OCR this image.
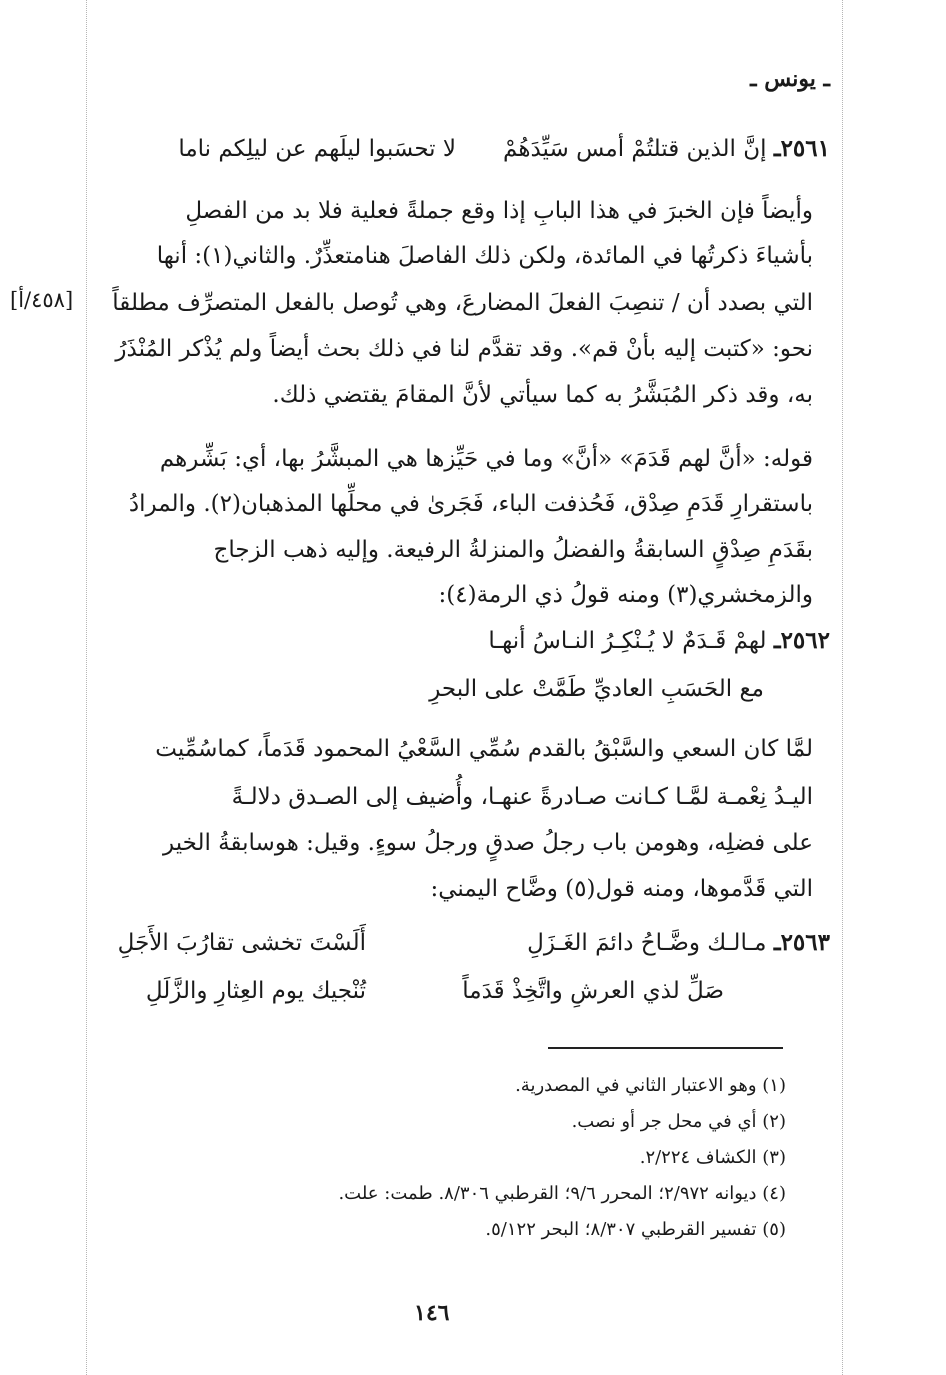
ـ يونس ـ
٢٥٦١ـ إنَّ الذين قتلتُمْ أمس سَيِّدَهُمْ
لا تحسَبوا ليلَهم عن ليلِكم ناما
وأيضاً فإن الخبرَ في هذا البابِ إذا وقع جملةً فعلية فلا بد من الفصلِ
بأشياءَ ذكرتُها في المائدة، ولكن ذلك الفاصلَ هنامتعذِّرٌ. والثاني(١): أنها
[٤٥٨/أ] التي بصدد أن / تنصِبَ الفعلَ المضارعَ، وهي تُوصل بالفعل المتصرِّف مطلقاً
نحو: «كتبت إليه بأنْ قم». وقد تقدَّم لنا في ذلك بحث أيضاً ولم يُذْكر المُنْذَرُ
به، وقد ذكر المُبَشَّرُ به كما سيأتي لأنَّ المقامَ يقتضي ذلك.
قوله: «أنَّ لهم قَدَمَ» «أنَّ» وما في حَيِّزها هي المبشَّرُ بها، أي: بَشِّرهم
باستقرارِ قَدَمِ صِدْق، فَحُذفت الباء، فَجَرىٰ في محلِّها المذهبان(٢). والمرادُ
بقَدَمِ صِدْقٍ السابقةُ والفضلُ والمنزلةُ الرفيعة. وإليه ذهب الزجاج
والزمخشري(٣) ومنه قولُ ذي الرمة(٤):
٢٥٦٢ـ لهمْ قَـدَمٌ لا يُـنْكِـرُ النـاسُ أنهـا
مع الحَسَبِ العاديِّ طَمَّتْ على البحرِ
لمَّا كان السعي والسَّبْقُ بالقدم سُمِّي السَّعْيُ المحمود قَدَماً، كماسُمِّيت
اليـدُ نِعْمـة لمَّـا كـانت صـادرةً عنهـا، وأُضيف إلى الصـدق دلالـةً
على فضلِه، وهومن باب رجلُ صدقٍ ورجلُ سوءٍ. وقيل: هوسابقةُ الخير
التي قَدَّموها، ومنه قول(٥) وضَّاح اليمني:
٢٥٦٣ـ مـالـك وضَّـاحُ دائمَ الغَـزَلِ
أَلَسْتَ تخشى تقارُبَ الأَجَلِ
صَلِّ لذي العرشِ واتَّخِذْ قَدَماً
تُنْجيك يوم العِثارِ والزَّلَلِ
(١) وهو الاعتبار الثاني في المصدرية.
(٢) أي في محل جر أو نصب.
(٣) الكشاف ٢/٢٢٤.
(٤) ديوانه ٢/٩٧٢؛ المحرر ٩/٦؛ القرطبي ٨/٣٠٦. طمت: علت.
(٥) تفسير القرطبي ٨/٣٠٧؛ البحر ٥/١٢٢.
١٤٦
